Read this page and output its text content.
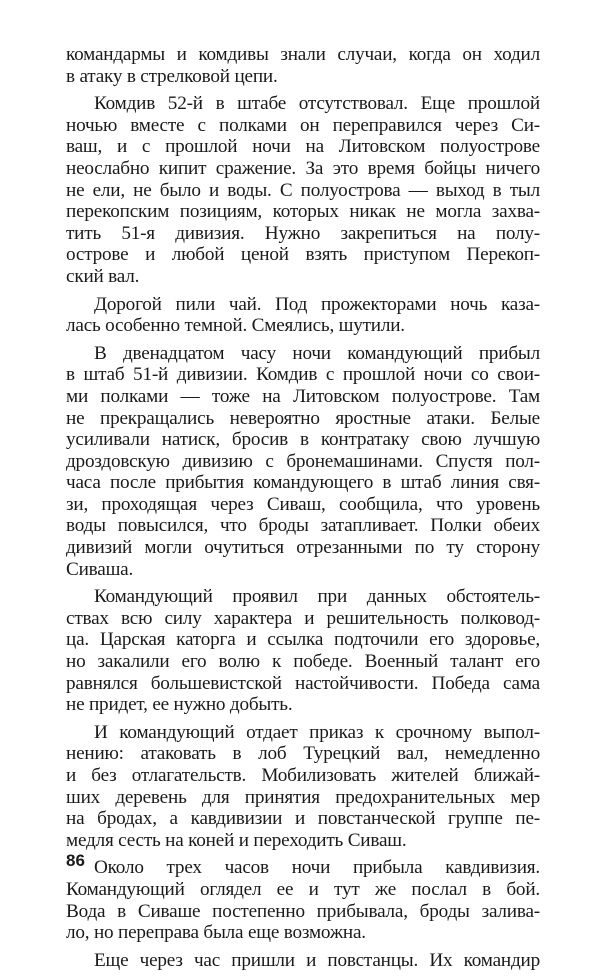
командармы и комдивы знали случаи, когда он ходил
в атаку в стрелковой цепи.
Комдив 52-й в штабе отсутствовал. Еще прошлой
ночью вместе с полками он переправился через Си-
ваш, и с прошлой ночи на Литовском полуострове
неослабно кипит сражение. За это время бойцы ничего
не ели, не было и воды. С полуострова — выход в тыл
перекопским позициям, которых никак не могла захва-
тить 51-я дивизия. Нужно закрепиться на полу-
острове и любой ценой взять приступом Перекоп-
ский вал.
Дорогой пили чай. Под прожекторами ночь каза-
лась особенно темной. Смеялись, шутили.
В двенадцатом часу ночи командующий прибыл
в штаб 51-й дивизии. Комдив с прошлой ночи со свои-
ми полками — тоже на Литовском полуострове. Там
не прекращались невероятно яростные атаки. Белые
усиливали натиск, бросив в контратаку свою лучшую
дроздовскую дивизию с бронемашинами. Спустя пол-
часа после прибытия командующего в штаб линия свя-
зи, проходящая через Сиваш, сообщила, что уровень
воды повысился, что броды затапливает. Полки обеих
дивизий могли очутиться отрезанными по ту сторону
Сиваша.
Командующий проявил при данных обстоятель-
ствах всю силу характера и решительность полковод-
ца. Царская каторга и ссылка подточили его здоровье,
но закалили его волю к победе. Военный талант его
равнялся большевистской настойчивости. Победа сама
не придет, ее нужно добыть.
И командующий отдает приказ к срочному выпол-
нению: атаковать в лоб Турецкий вал, немедленно
и без отлагательств. Мобилизовать жителей ближай-
ших деревень для принятия предохранительных мер
на бродах, а кавдивизии и повстанческой группе пе-
медля сесть на коней и переходить Сиваш.
Около трех часов ночи прибыла кавдивизия.
Командующий оглядел ее и тут же послал в бой.
Вода в Сиваше постепенно прибывала, броды залива-
ло, но переправа была еще возможна.
Еще через час пришли и повстанцы. Их командир
86
